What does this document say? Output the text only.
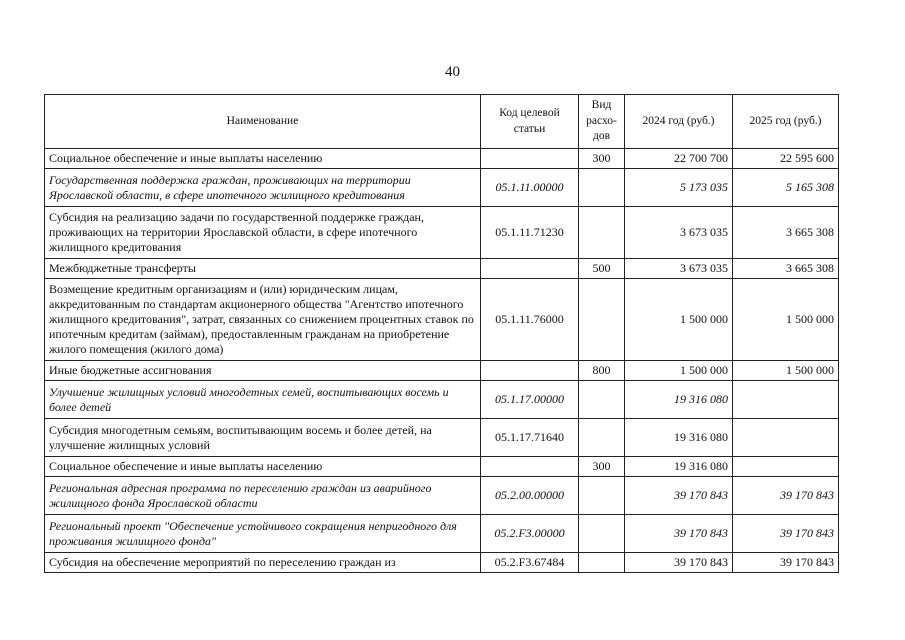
40
Наименование	Код целевой статьи	Вид расхо-дов	2024 год (руб.)	2025 год (руб.)
Социальное обеспечение и иные выплаты населению		300	22 700 700	22 595 600
Государственная поддержка граждан, проживающих на территории Ярославской области, в сфере ипотечного жилищного кредитования	05.1.11.00000		5 173 035	5 165 308
Субсидия на реализацию задачи по государственной поддержке граждан, проживающих на территории Ярославской области, в сфере ипотечного жилищного кредитования	05.1.11.71230		3 673 035	3 665 308
Межбюджетные трансферты		500	3 673 035	3 665 308
Возмещение кредитным организациям и (или) юридическим лицам, аккредитованным по стандартам акционерного общества "Агентство ипотечного жилищного кредитования", затрат, связанных со снижением процентных ставок по ипотечным кредитам (займам), предоставленным гражданам на приобретение жилого помещения (жилого дома)	05.1.11.76000		1 500 000	1 500 000
Иные бюджетные ассигнования		800	1 500 000	1 500 000
Улучшение жилищных условий многодетных семей, воспитывающих восемь и более детей	05.1.17.00000		19 316 080	
Субсидия многодетным семьям, воспитывающим восемь и более детей, на улучшение жилищных условий	05.1.17.71640		19 316 080	
Социальное обеспечение и иные выплаты населению		300	19 316 080	
Региональная адресная программа по переселению граждан из аварийного жилищного фонда Ярославской области	05.2.00.00000		39 170 843	39 170 843
Региональный проект "Обеспечение устойчивого сокращения непригодного для проживания жилищного фонда"	05.2.F3.00000		39 170 843	39 170 843
Субсидия на обеспечение мероприятий по переселению граждан из	05.2.F3.67484		39 170 843	39 170 843
